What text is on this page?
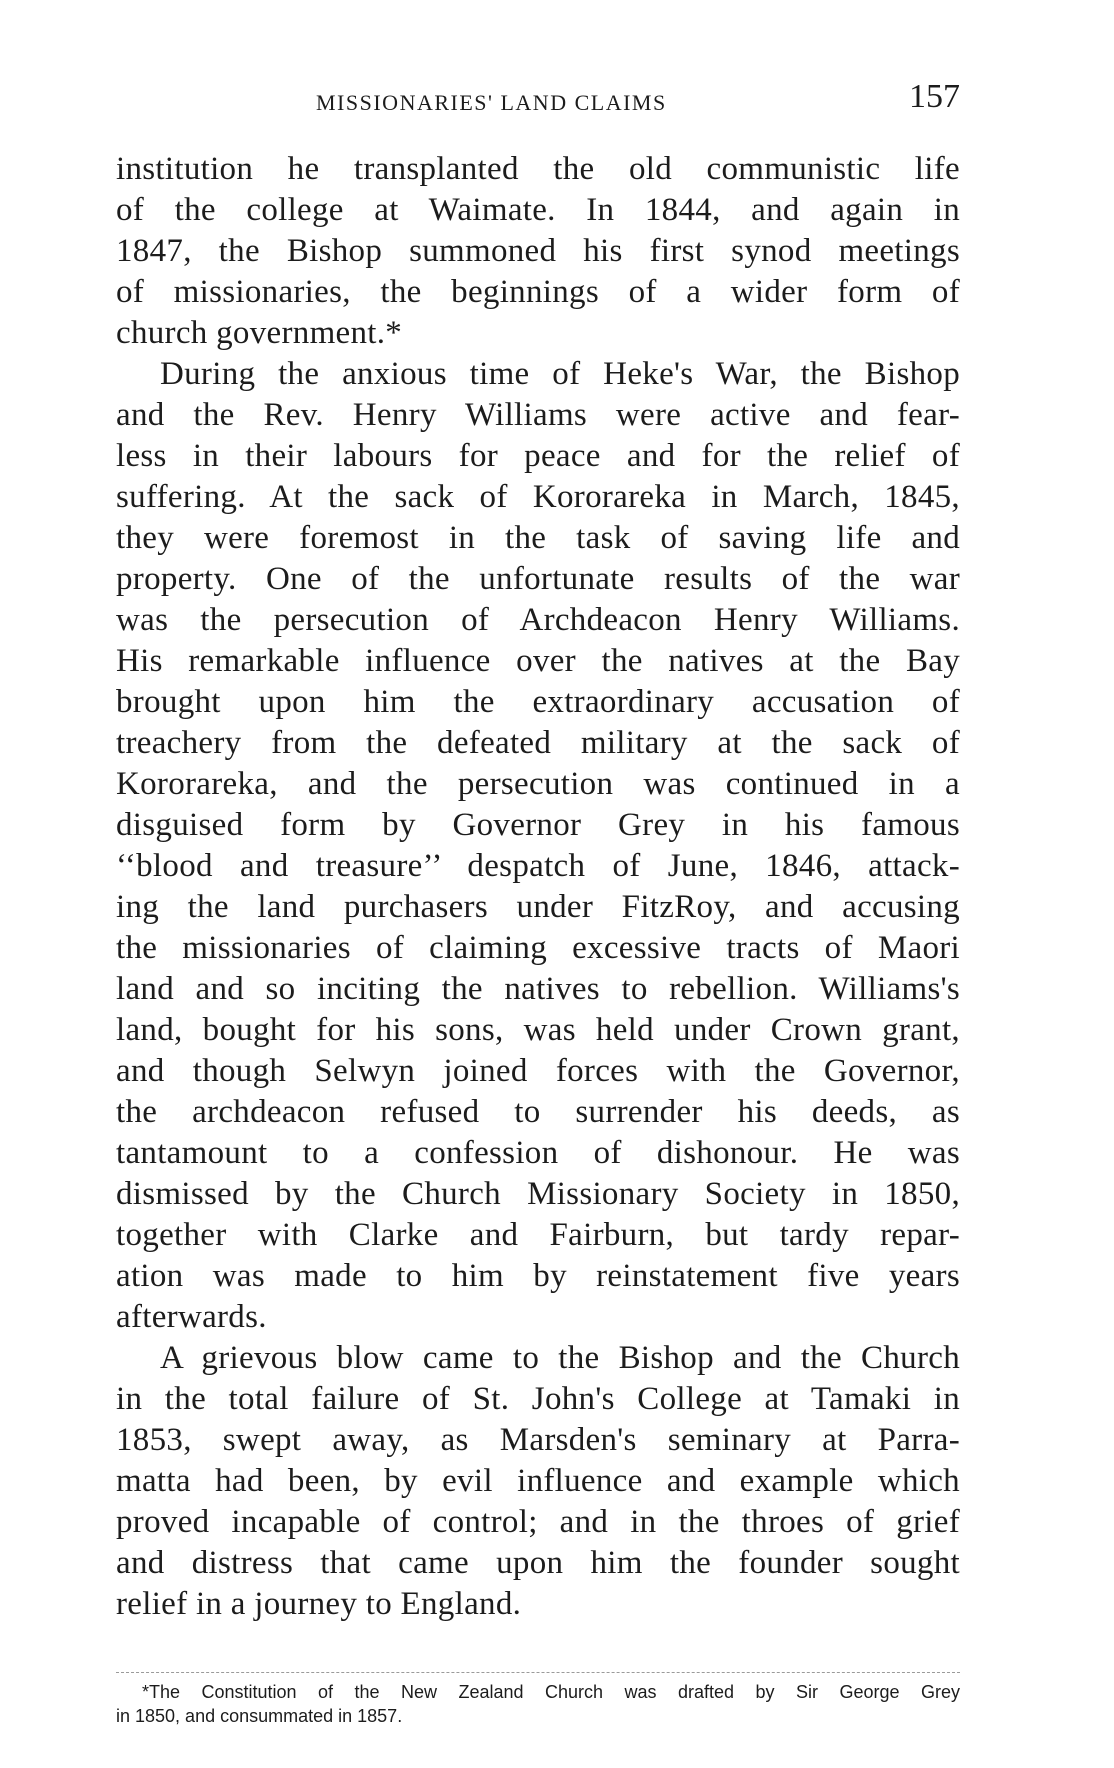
MISSIONARIES' LAND CLAIMS	157
institution he transplanted the old communistic life
of the college at Waimate. In 1844, and again in
1847, the Bishop summoned his first synod meetings
of missionaries, the beginnings of a wider form of
church government.*
During the anxious time of Heke's War, the Bishop
and the Rev. Henry Williams were active and fear-
less in their labours for peace and for the relief of
suffering. At the sack of Kororareka in March, 1845,
they were foremost in the task of saving life and
property. One of the unfortunate results of the war
was the persecution of Archdeacon Henry Williams.
His remarkable influence over the natives at the Bay
brought upon him the extraordinary accusation of
treachery from the defeated military at the sack of
Kororareka, and the persecution was continued in a
disguised form by Governor Grey in his famous
‘‘blood and treasure’’ despatch of June, 1846, attack-
ing the land purchasers under FitzRoy, and accusing
the missionaries of claiming excessive tracts of Maori
land and so inciting the natives to rebellion. Williams's
land, bought for his sons, was held under Crown grant,
and though Selwyn joined forces with the Governor,
the archdeacon refused to surrender his deeds, as
tantamount to a confession of dishonour. He was
dismissed by the Church Missionary Society in 1850,
together with Clarke and Fairburn, but tardy repar-
ation was made to him by reinstatement five years
afterwards.
A grievous blow came to the Bishop and the Church
in the total failure of St. John's College at Tamaki in
1853, swept away, as Marsden's seminary at Parra-
matta had been, by evil influence and example which
proved incapable of control; and in the throes of grief
and distress that came upon him the founder sought
relief in a journey to England.
*The Constitution of the New Zealand Church was drafted by Sir George Grey
in 1850, and consummated in 1857.
